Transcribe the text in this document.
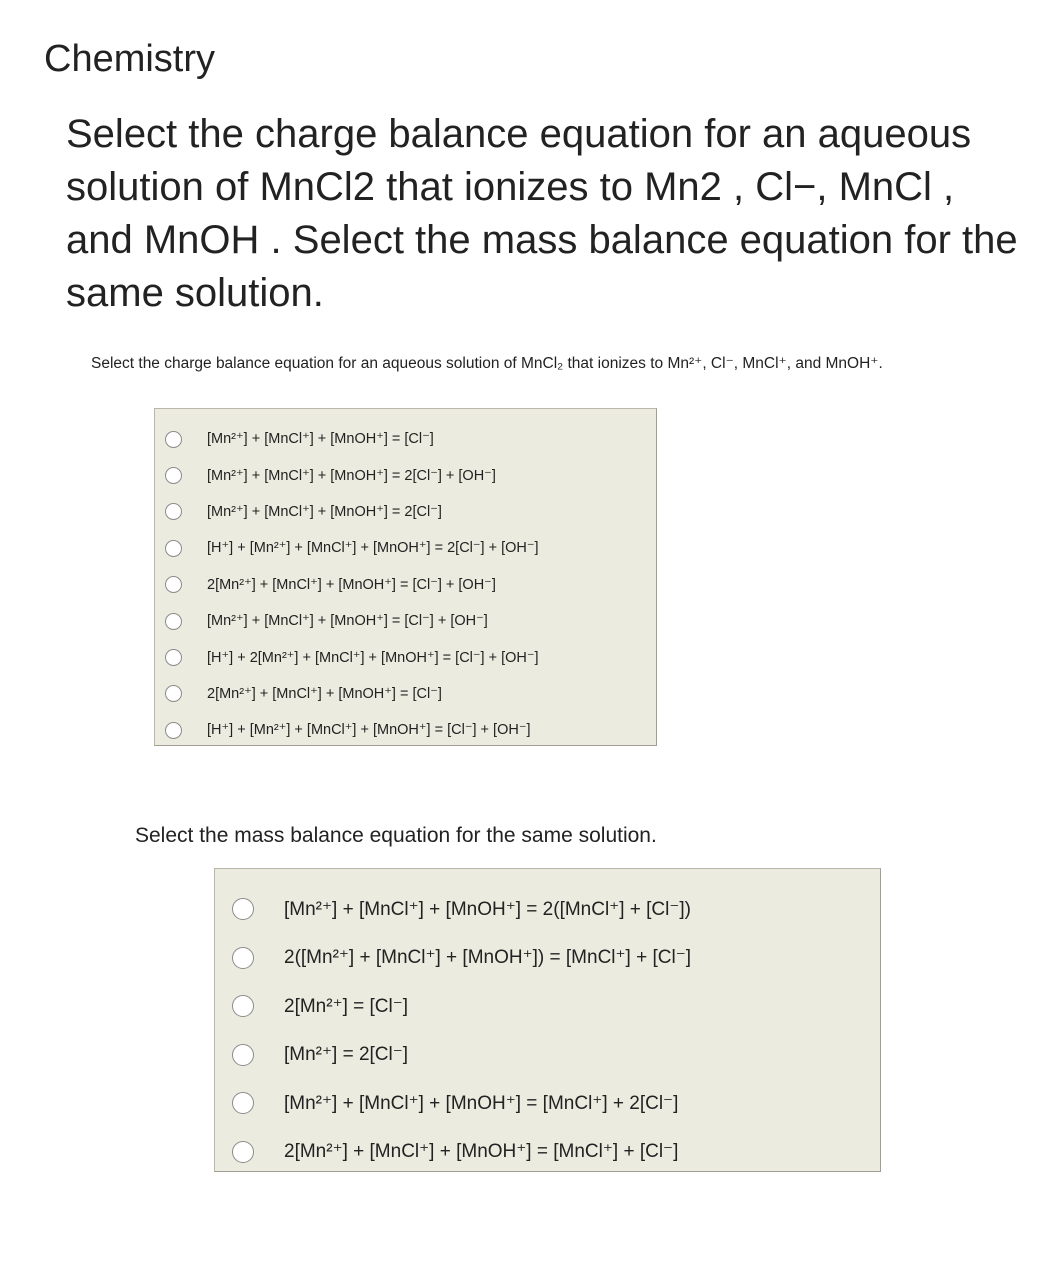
Chemistry
Select the charge balance equation for an aqueous solution of MnCl2 that ionizes to Mn2 , Cl−, MnCl , and MnOH . Select the mass balance equation for the same solution.
Select the charge balance equation for an aqueous solution of MnCl₂ that ionizes to Mn²⁺, Cl⁻, MnCl⁺, and MnOH⁺.
[Mn²⁺] + [MnCl⁺] + [MnOH⁺] = [Cl⁻]
[Mn²⁺] + [MnCl⁺] + [MnOH⁺] = 2[Cl⁻] + [OH⁻]
[Mn²⁺] + [MnCl⁺] + [MnOH⁺] = 2[Cl⁻]
[H⁺] + [Mn²⁺] + [MnCl⁺] + [MnOH⁺] = 2[Cl⁻] + [OH⁻]
2[Mn²⁺] + [MnCl⁺] + [MnOH⁺] = [Cl⁻] + [OH⁻]
[Mn²⁺] + [MnCl⁺] + [MnOH⁺] = [Cl⁻] + [OH⁻]
[H⁺] + 2[Mn²⁺] + [MnCl⁺] + [MnOH⁺] = [Cl⁻] + [OH⁻]
2[Mn²⁺] + [MnCl⁺] + [MnOH⁺] = [Cl⁻]
[H⁺] + [Mn²⁺] + [MnCl⁺] + [MnOH⁺] = [Cl⁻] + [OH⁻]
Select the mass balance equation for the same solution.
[Mn²⁺] + [MnCl⁺] + [MnOH⁺] = 2([MnCl⁺] + [Cl⁻])
2([Mn²⁺] + [MnCl⁺] + [MnOH⁺]) = [MnCl⁺] + [Cl⁻]
2[Mn²⁺] = [Cl⁻]
[Mn²⁺] = 2[Cl⁻]
[Mn²⁺] + [MnCl⁺] + [MnOH⁺] = [MnCl⁺] + 2[Cl⁻]
2[Mn²⁺] + [MnCl⁺] + [MnOH⁺] = [MnCl⁺] + [Cl⁻]
